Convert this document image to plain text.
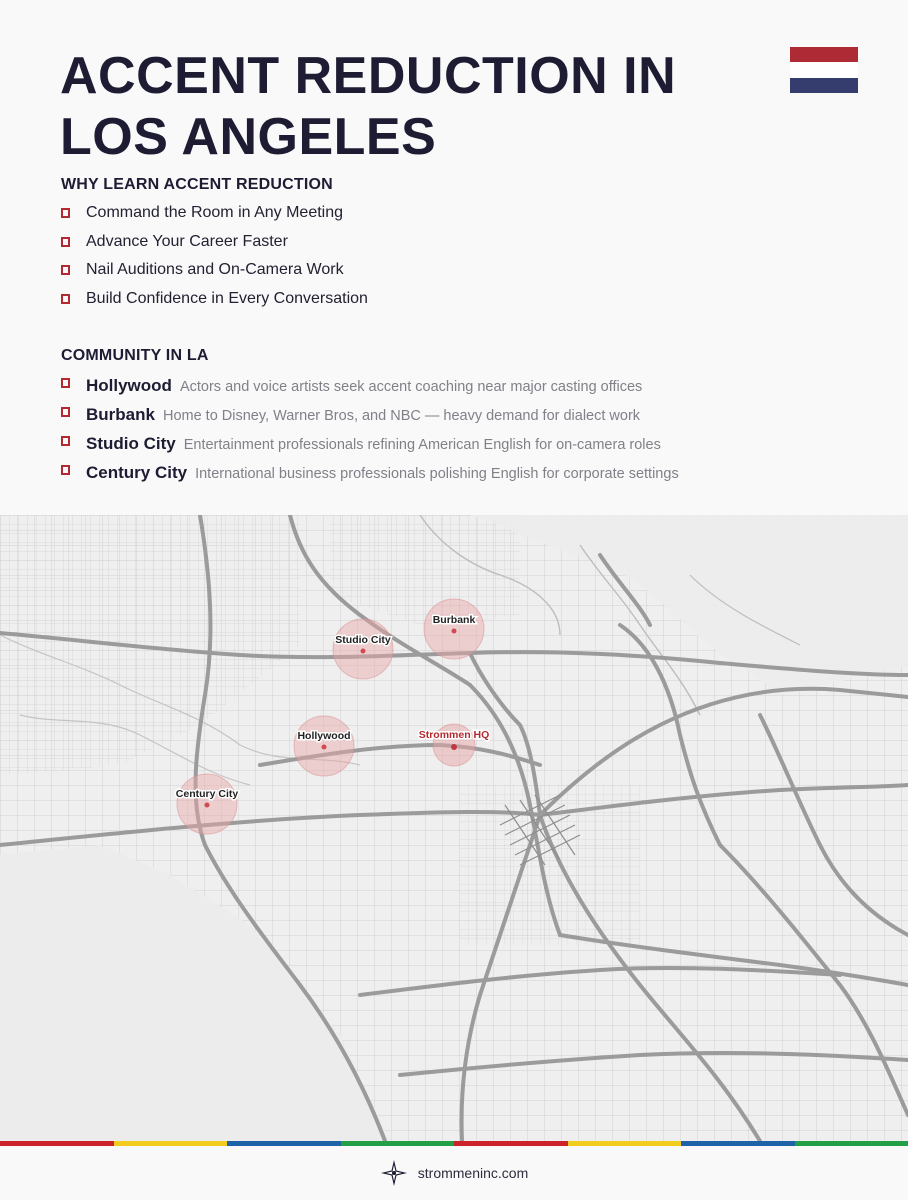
ACCENT REDUCTION IN
LOS ANGELES
WHY LEARN ACCENT REDUCTION
Command the Room in Any Meeting
Advance Your Career Faster
Nail Auditions and On-Camera Work
Build Confidence in Every Conversation
COMMUNITY IN LA
Hollywood Actors and voice artists seek accent coaching near major casting offices
Burbank Home to Disney, Warner Bros, and NBC — heavy demand for dialect work
Studio City Entertainment professionals refining American English for on-camera roles
Century City International business professionals polishing English for corporate settings
Burbank
Studio City
Hollywood	Strommen HQ
Century City
strommeninc.com
